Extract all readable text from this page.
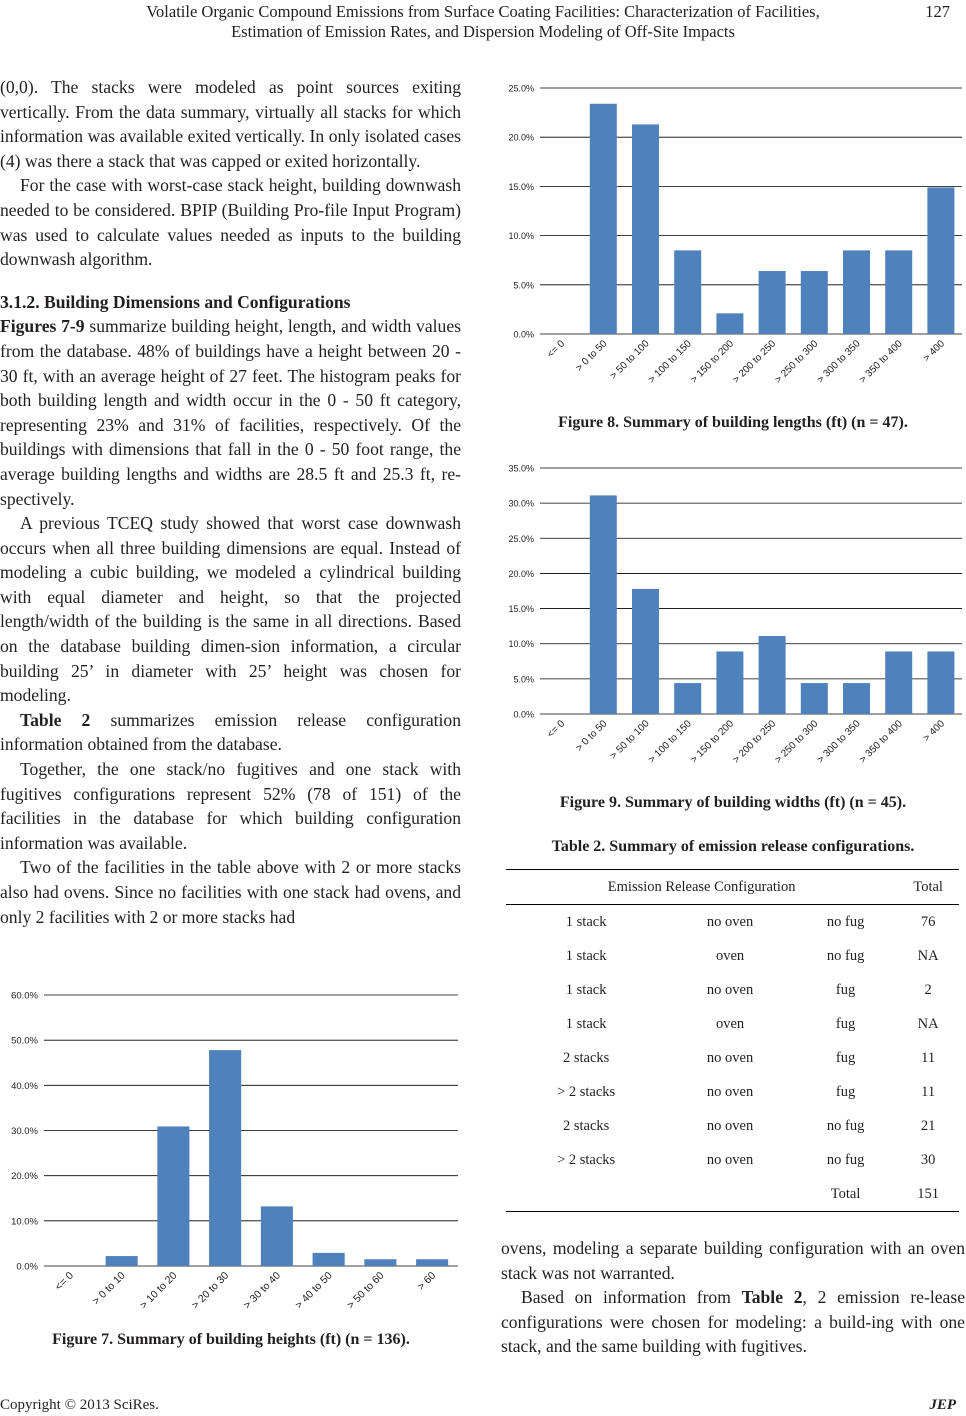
Volatile Organic Compound Emissions from Surface Coating Facilities: Characterization of Facilities,
Estimation of Emission Rates, and Dispersion Modeling of Off-Site Impacts
127

(0,0). The stacks were modeled as point sources exiting vertically. From the data summary, virtually all stacks for which information was available exited vertically. In only isolated cases (4) was there a stack that was capped or exited horizontally.

For the case with worst-case stack height, building downwash needed to be considered. BPIP (Building Pro-file Input Program) was used to calculate values needed as inputs to the building downwash algorithm.

3.1.2. Building Dimensions and Configurations

Figures 7-9 summarize building height, length, and width values from the database. 48% of buildings have a height between 20 - 30 ft, with an average height of 27 feet. The histogram peaks for both building length and width occur in the 0 - 50 ft category, representing 23% and 31% of facilities, respectively. Of the buildings with dimensions that fall in the 0 - 50 foot range, the average building lengths and widths are 28.5 ft and 25.3 ft, re-spectively.

A previous TCEQ study showed that worst case downwash occurs when all three building dimensions are equal. Instead of modeling a cubic building, we modeled a cylindrical building with equal diameter and height, so that the projected length/width of the building is the same in all directions. Based on the database building dimen-sion information, a circular building 25’ in diameter with 25’ height was chosen for modeling.

Table 2 summarizes emission release configuration information obtained from the database.

Together, the one stack/no fugitives and one stack with fugitives configurations represent 52% (78 of 151) of the facilities in the database for which building configuration information was available.

Two of the facilities in the table above with 2 or more stacks also had ovens. Since no facilities with one stack had ovens, and only 2 facilities with 2 or more stacks had

0.0%
10.0%
20.0%
30.0%
40.0%
50.0%
60.0%
<= 0 > 0 to 10 > 10 to 20 > 20 to 30 > 30 to 40 > 40 to 50 > 50 to 60	> 60
Figure 7. Summary of building heights (ft) (n = 136).
0.0%
5.0%
10.0%
15.0%
20.0%
25.0%
<= 0 > 0 to 50
> 50 to 100
> 100 to 150
> 150 to 200
> 200 to 250
> 250 to 300
> 300 to 350
> 350 to 400 > 400
Figure 8. Summary of building lengths (ft) (n = 47).
0.0%
5.0%
10.0%
15.0%
20.0%
25.0%
30.0%
35.0%
<= 0 > 0 to 50
> 50 to 100
> 100 to 150
> 150 to 200
> 200 to 250
> 250 to 300
> 300 to 350
> 350 to 400 > 400
Figure 9. Summary of building widths (ft) (n = 45).
Table 2. Summary of emission release configurations.
Emission Release Configuration			Total
1 stack	no oven	no fug	76
1 stack	oven	no fug	NA
1 stack	no oven	fug	2
1 stack	oven	fug	NA
2 stacks	no oven	fug	11
> 2 stacks	no oven	fug	11
2 stacks	no oven	no fug	21
> 2 stacks	no oven	no fug	30
		Total	151

ovens, modeling a separate building configuration with an oven stack was not warranted.

Based on information from Table 2, 2 emission re-lease configurations were chosen for modeling: a build-ing with one stack, and the same building with fugitives.

Copyright © 2013 SciRes.	JEP
